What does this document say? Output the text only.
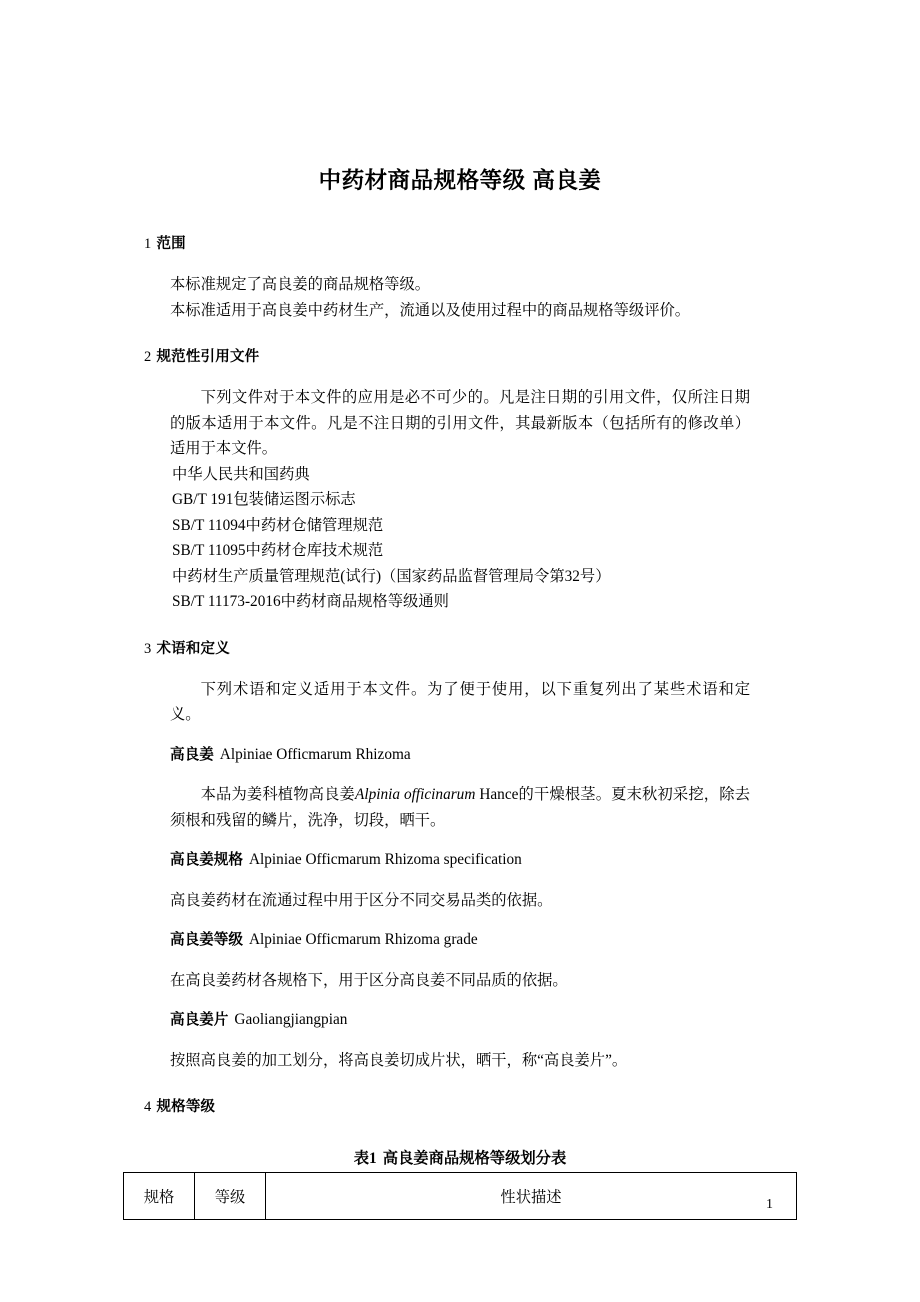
中药材商品规格等级 高良姜
1 范围
本标准规定了高良姜的商品规格等级。
本标准适用于高良姜中药材生产，流通以及使用过程中的商品规格等级评价。
2 规范性引用文件
下列文件对于本文件的应用是必不可少的。凡是注日期的引用文件，仅所注日期的版本适用于本文件。凡是不注日期的引用文件，其最新版本（包括所有的修改单）适用于本文件。
中华人民共和国药典
GB/T 191包装储运图示标志
SB/T 11094中药材仓储管理规范
SB/T 11095中药材仓库技术规范
中药材生产质量管理规范(试行)（国家药品监督管理局令第32号）
SB/T 11173-2016中药材商品规格等级通则
3 术语和定义
下列术语和定义适用于本文件。为了便于使用，以下重复列出了某些术语和定义。
高良姜 Alpiniae Officmarum Rhizoma
本品为姜科植物高良姜Alpinia officinarum Hance的干燥根茎。夏末秋初采挖，除去须根和残留的鳞片，洗净，切段，晒干。
高良姜规格 Alpiniae Officmarum Rhizoma specification
高良姜药材在流通过程中用于区分不同交易品类的依据。
高良姜等级 Alpiniae Officmarum Rhizoma grade
在高良姜药材各规格下，用于区分高良姜不同品质的依据。
高良姜片 Gaoliangjiangpian
按照高良姜的加工划分，将高良姜切成片状，晒干，称“高良姜片”。
4 规格等级
表1 高良姜商品规格等级划分表
规格	等级	性状描述	1
